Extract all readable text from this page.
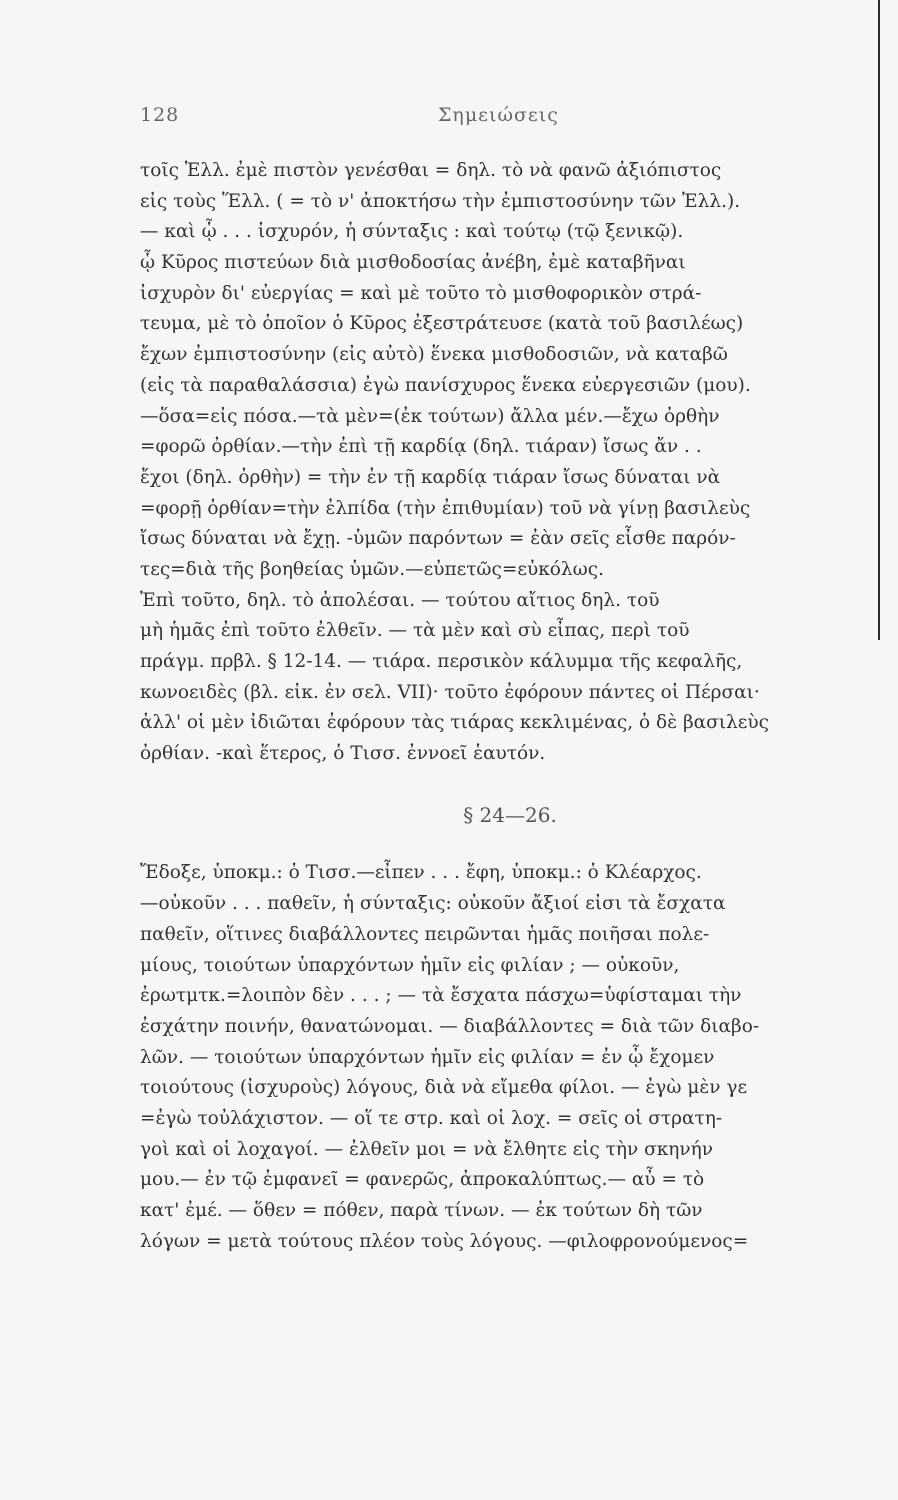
128	Σημειώσεις
τοῖς Ἑλλ. ἐμὲ πιστὸν γενέσθαι = δηλ. τὸ νὰ φανῶ ἀξιόπιστος
εἰς τοὺς Ἕλλ. ( = τὸ ν' ἀποκτήσω τὴν ἐμπιστοσύνην τῶν Ἑλλ.).
— καὶ ᾧ . . . ἰσχυρόν, ἡ σύνταξις : καὶ τούτῳ (τῷ ξενικῷ).
ᾧ Κῦρος πιστεύων διὰ μισθοδοσίας ἀνέβη, ἐμὲ καταβῆναι
ἰσχυρὸν δι' εὐεργίας = καὶ μὲ τοῦτο τὸ μισθοφορικὸν στρά-
τευμα, μὲ τὸ ὁποῖον ὁ Κῦρος ἐξεστράτευσε (κατὰ τοῦ βασιλέως)
ἔχων ἐμπιστοσύνην (εἰς αὐτὸ) ἕνεκα μισθοδοσιῶν, νὰ καταβῶ
(εἰς τὰ παραθαλάσσια) ἐγὼ πανίσχυρος ἕνεκα εὐεργεσιῶν (μου).
—ὅσα=εἰς πόσα.—τὰ μὲν=(ἐκ τούτων) ἄλλα μέν.—ἔχω ὀρθὴν
=φορῶ ὀρθίαν.—τὴν ἐπὶ τῇ καρδίᾳ (δηλ. τιάραν) ἴσως ἄν . .
ἔχοι (δηλ. ὀρθὴν) = τὴν ἐν τῇ καρδίᾳ τιάραν ἴσως δύναται νὰ
=φορῇ ὀρθίαν=τὴν ἐλπίδα (τὴν ἐπιθυμίαν) τοῦ νὰ γίνῃ βασιλεὺς
ἴσως δύναται νὰ ἔχῃ. -ὑμῶν παρόντων = ἐὰν σεῖς εἶσθε παρόν-
τες=διὰ τῆς βοηθείας ὑμῶν.—εὐπετῶς=εὐκόλως.
Ἐπὶ τοῦτο, δηλ. τὸ ἀπολέσαι. — τούτου αἴτιος δηλ. τοῦ
μὴ ἡμᾶς ἐπὶ τοῦτο ἐλθεῖν. — τὰ μὲν καὶ σὺ εἶπας, περὶ τοῦ
πράγμ. πρβλ. § 12-14. — τιάρα. περσικὸν κάλυμμα τῆς κεφαλῆς,
κωνοειδὲς (βλ. εἰκ. ἐν σελ. VII)· τοῦτο ἐφόρουν πάντες οἱ Πέρσαι·
ἀλλ' οἱ μὲν ἰδιῶται ἐφόρουν τὰς τιάρας κεκλιμένας, ὁ δὲ βασιλεὺς
ὀρθίαν. -καὶ ἕτερος, ὁ Τισσ. ἐννοεῖ ἑαυτόν.
§ 24—26.
Ἔδοξε, ὑποκμ.: ὁ Τισσ.—εἶπεν . . . ἔφη, ὑποκμ.: ὁ Κλέαρχος.
—οὐκοῦν . . . παθεῖν, ἡ σύνταξις: οὐκοῦν ἄξιοί εἰσι τὰ ἔσχατα
παθεῖν, οἵτινες διαβάλλοντες πειρῶνται ἡμᾶς ποιῆσαι πολε-
μίους, τοιούτων ὑπαρχόντων ἡμῖν εἰς φιλίαν ; — οὐκοῦν,
ἐρωτμτκ.=λοιπὸν δὲν . . . ; — τὰ ἔσχατα πάσχω=ὑφίσταμαι τὴν
ἐσχάτην ποινήν, θανατώνομαι. — διαβάλλοντες = διὰ τῶν διαβο-
λῶν. — τοιούτων ὑπαρχόντων ἡμῖν εἰς φιλίαν = ἐν ᾧ ἔχομεν
τοιούτους (ἰσχυροὺς) λόγους, διὰ νὰ εἴμεθα φίλοι. — ἐγὼ μὲν γε
=ἐγὼ τοὐλάχιστον. — οἵ τε στρ. καὶ οἱ λοχ. = σεῖς οἱ στρατη-
γοὶ καὶ οἱ λοχαγοί. — ἐλθεῖν μοι = νὰ ἔλθητε εἰς τὴν σκηνήν
μου.— ἐν τῷ ἐμφανεῖ = φανερῶς, ἀπροκαλύπτως.— αὖ = τὸ
κατ' ἐμέ. — ὅθεν = πόθεν, παρὰ τίνων. — ἐκ τούτων δὴ τῶν
λόγων = μετὰ τούτους πλέον τοὺς λόγους. —φιλοφρονούμενος=
